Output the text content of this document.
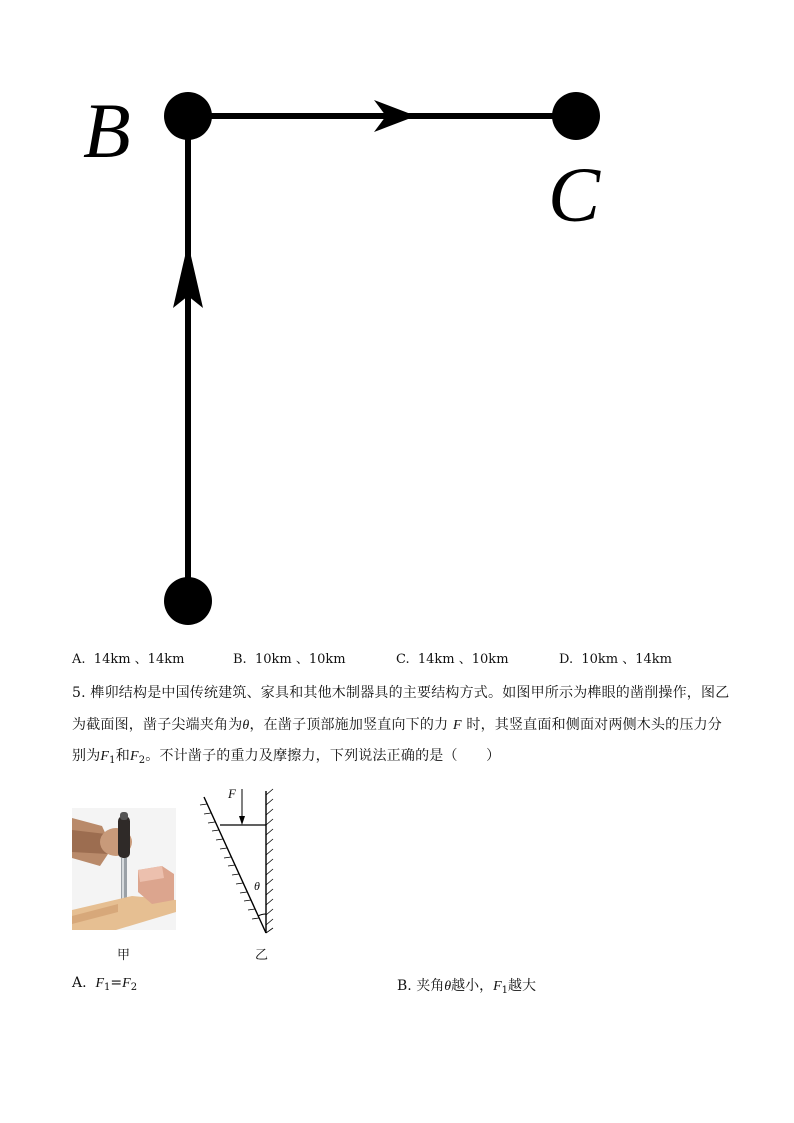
B
C
A. 14km 、14km	B. 10km 、10km	C. 14km 、10km	D. 10km 、14km
5. 榫卯结构是中国传统建筑、家具和其他木制器具的主要结构方式。如图甲所示为榫眼的凿削操作，图乙
为截面图，凿子尖端夹角为θ，在凿子顶部施加竖直向下的力 F 时，其竖直面和侧面对两侧木头的压力分
别为$F_1$和$F_2$。不计凿子的重力及摩擦力，下列说法正确的是（　　）
甲
F
θ
乙
A. $F_1=F_2$	B. 夹角θ越小，$F_1$越大
